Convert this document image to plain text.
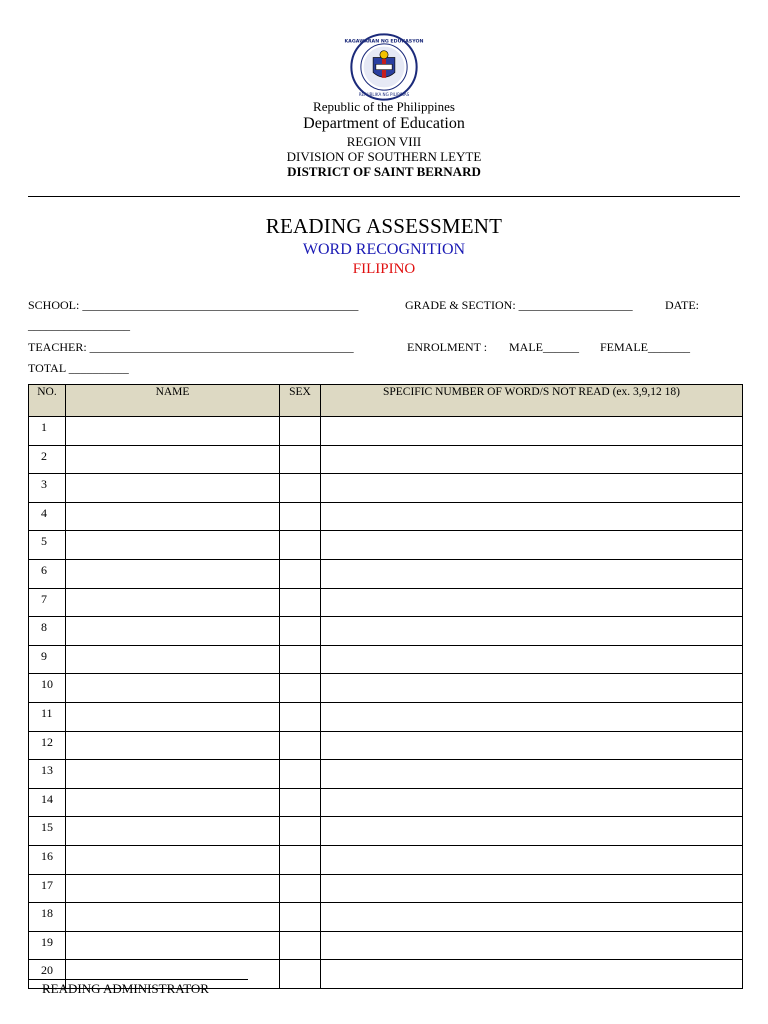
KAGAWARAN NG EDUKASYON
REPUBLIKA NG PILIPINAS
Republic of the Philippines
Department of Education
REGION VIII
DIVISION OF SOUTHERN LEYTE
DISTRICT OF SAINT BERNARD
READING ASSESSMENT
WORD RECOGNITION
FILIPINO
SCHOOL: ______________________________________________	GRADE & SECTION: ___________________	DATE:
_________________
TEACHER: ____________________________________________	ENROLMENT : MALE______ FEMALE_______
TOTAL __________
NO.	NAME	SEX	SPECIFIC NUMBER OF WORD/S NOT READ (ex. 3,9,12 18)
1			
2			
3			
4			
5			
6			
7			
8			
9			
10			
11			
12			
13			
14			
15			
16			
17			
18			
19			
20			
READING ADMINISTRATOR
